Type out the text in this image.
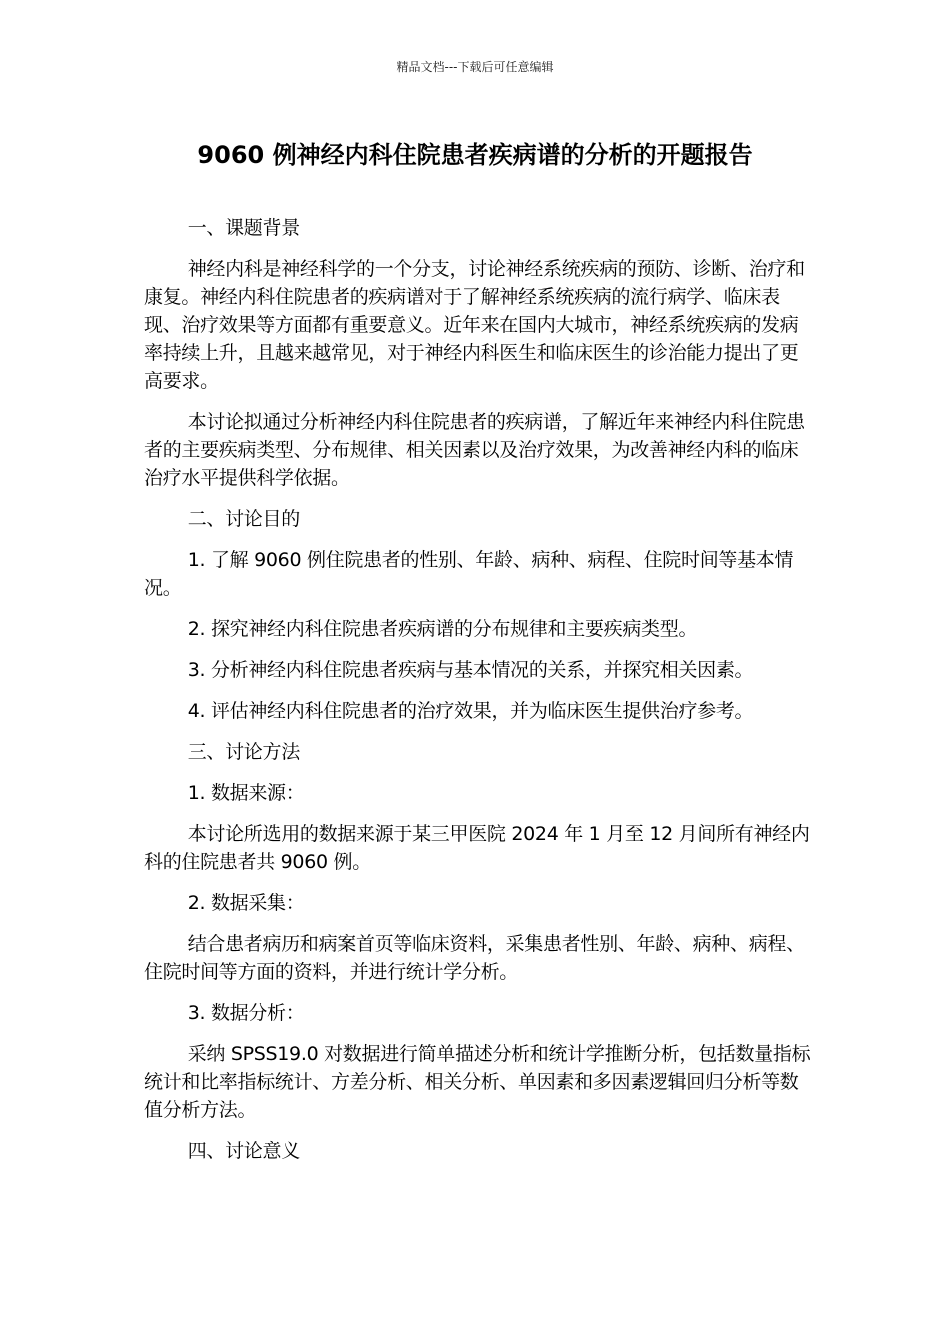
精品文档---下载后可任意编辑
9060 例神经内科住院患者疾病谱的分析的开题报告

一、课题背景

神经内科是神经科学的一个分支，讨论神经系统疾病的预防、诊断、治疗和康复。神经内科住院患者的疾病谱对于了解神经系统疾病的流行病学、临床表现、治疗效果等方面都有重要意义。近年来在国内大城市，神经系统疾病的发病率持续上升，且越来越常见，对于神经内科医生和临床医生的诊治能力提出了更高要求。

本讨论拟通过分析神经内科住院患者的疾病谱，了解近年来神经内科住院患者的主要疾病类型、分布规律、相关因素以及治疗效果，为改善神经内科的临床治疗水平提供科学依据。

二、讨论目的

1. 了解 9060 例住院患者的性别、年龄、病种、病程、住院时间等基本情况。

2. 探究神经内科住院患者疾病谱的分布规律和主要疾病类型。

3. 分析神经内科住院患者疾病与基本情况的关系，并探究相关因素。

4. 评估神经内科住院患者的治疗效果，并为临床医生提供治疗参考。

三、讨论方法

1. 数据来源：

本讨论所选用的数据来源于某三甲医院 2024 年 1 月至 12 月间所有神经内科的住院患者共 9060 例。

2. 数据采集：

结合患者病历和病案首页等临床资料，采集患者性别、年龄、病种、病程、住院时间等方面的资料，并进行统计学分析。

3. 数据分析：

采纳 SPSS19.0 对数据进行简单描述分析和统计学推断分析，包括数量指标统计和比率指标统计、方差分析、相关分析、单因素和多因素逻辑回归分析等数值分析方法。

四、讨论意义
